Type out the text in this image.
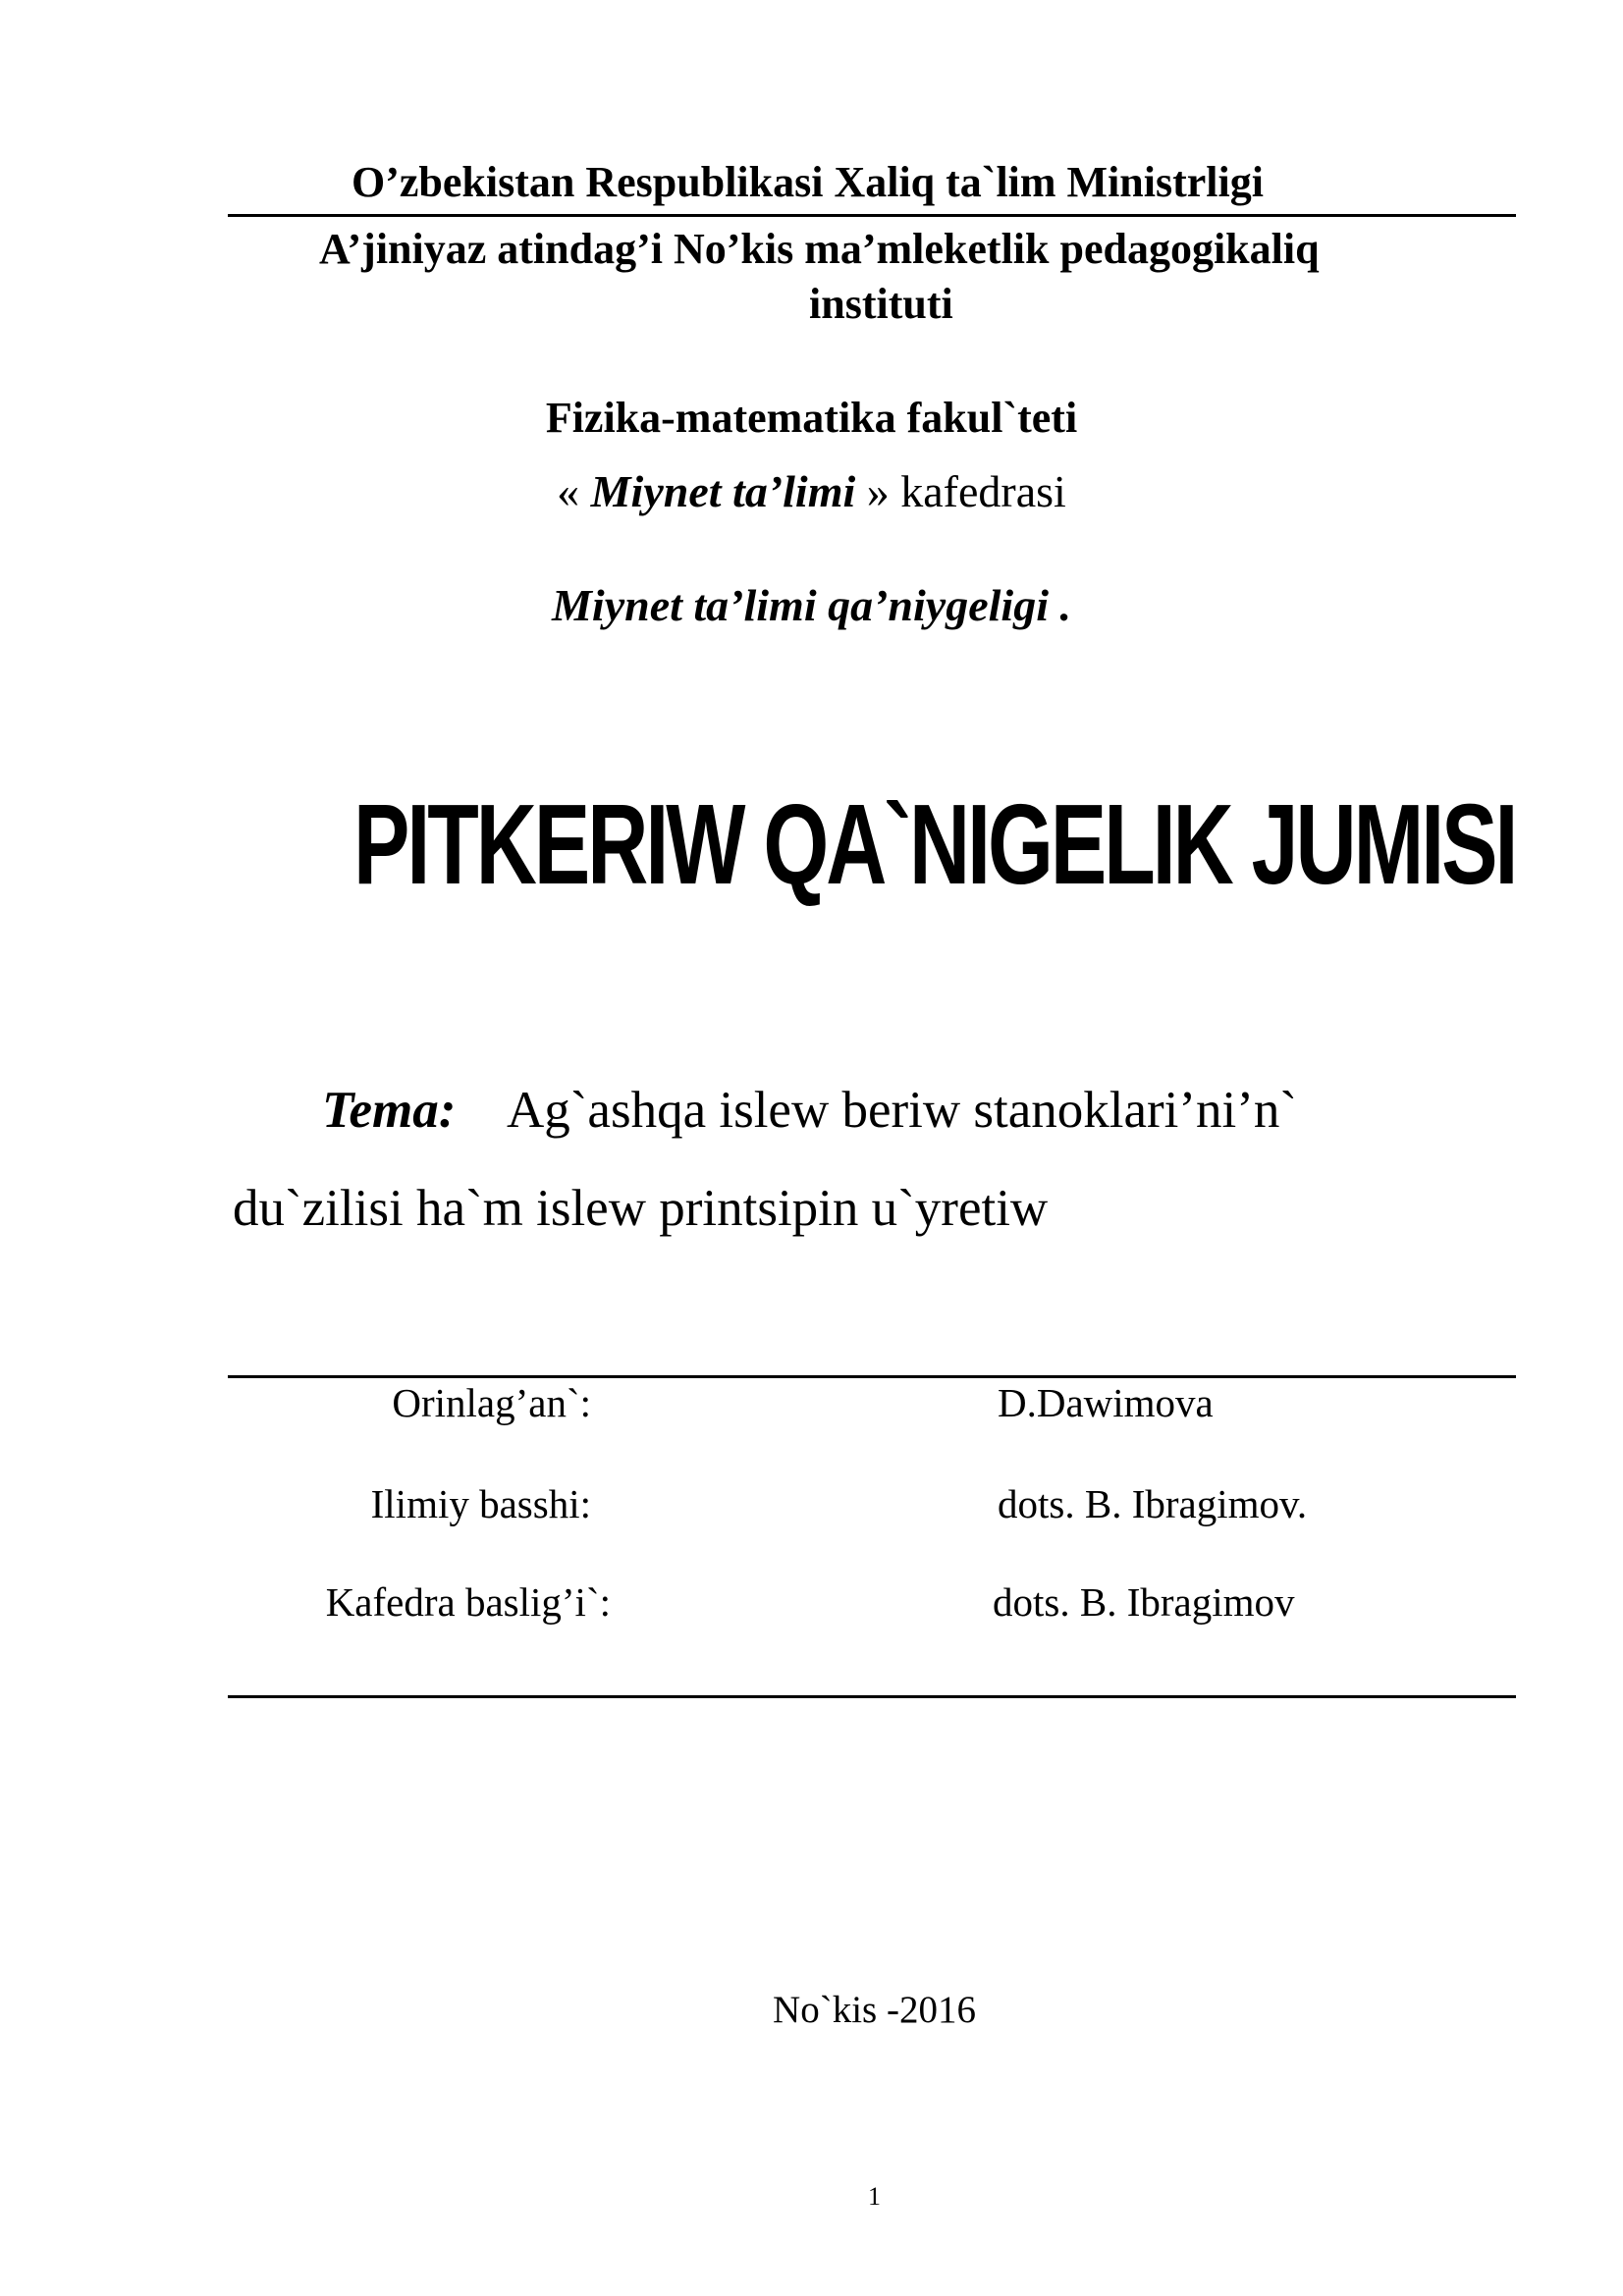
O’zbekistan Respublikasi Xaliq ta`lim Ministrligi
A’jiniyaz atindag’i No’kis ma’mleketlik pedagogikaliq
instituti
Fizika-matematika fakul`teti
« Miynet ta’limi » kafedrasi
Miynet ta’limi qa’niygeligi .
PITKERIW QA`NIGELIK JUMISI
Tema: Ag`ashqa islew beriw stanoklari’ni’n`
du`zilisi ha`m islew printsipin u`yretiw
Orinlag’an`:	D.Dawimova
Ilimiy basshi:	dots. B. Ibragimov.
Kafedra baslig’i`:	dots. B. Ibragimov
No`kis -2016
1
